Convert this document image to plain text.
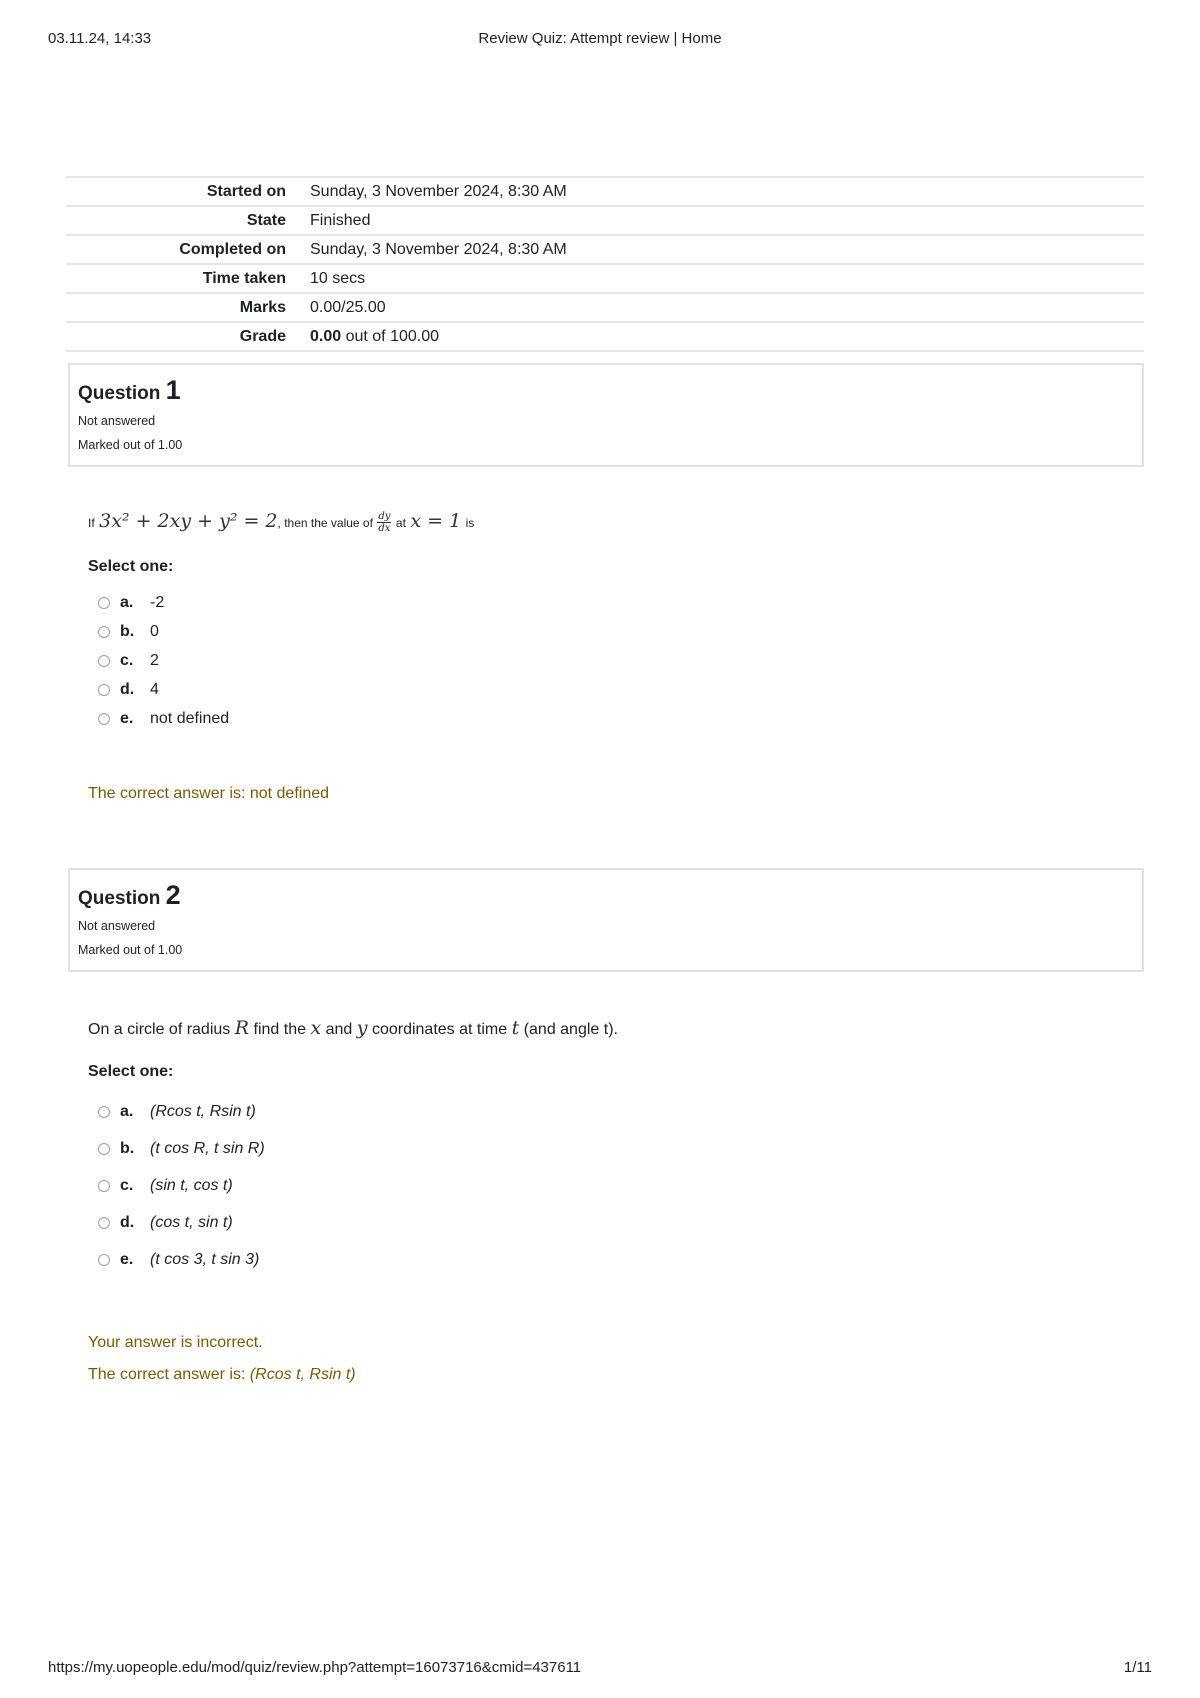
03.11.24, 14:33	Review Quiz: Attempt review | Home
Started on	Sunday, 3 November 2024, 8:30 AM
State	Finished
Completed on	Sunday, 3 November 2024, 8:30 AM
Time taken	10 secs
Marks	0.00/25.00
Grade	0.00 out of 100.00
Question 1
Not answered
Marked out of 1.00
If 3x² + 2xy + y² = 2, then the value of $\frac{dy}{dx}$ at x = 1 is
Select one:
a.	-2
b. 0
c.	2
d. 4
e.	not defined
The correct answer is: not defined
Question 2
Not answered
Marked out of 1.00
On a circle of radius R find the x and y coordinates at time t (and angle t).
Select one:
a.	(Rcos t, Rsin t)
b. (t cos R, t sin R)
c.	(sin t, cos t)
d. (cos t, sin t)
e.	(t cos 3, t sin 3)
Your answer is incorrect.
The correct answer is: (Rcos t, Rsin t)
https://my.uopeople.edu/mod/quiz/review.php?attempt=16073716&cmid=437611	1/11
